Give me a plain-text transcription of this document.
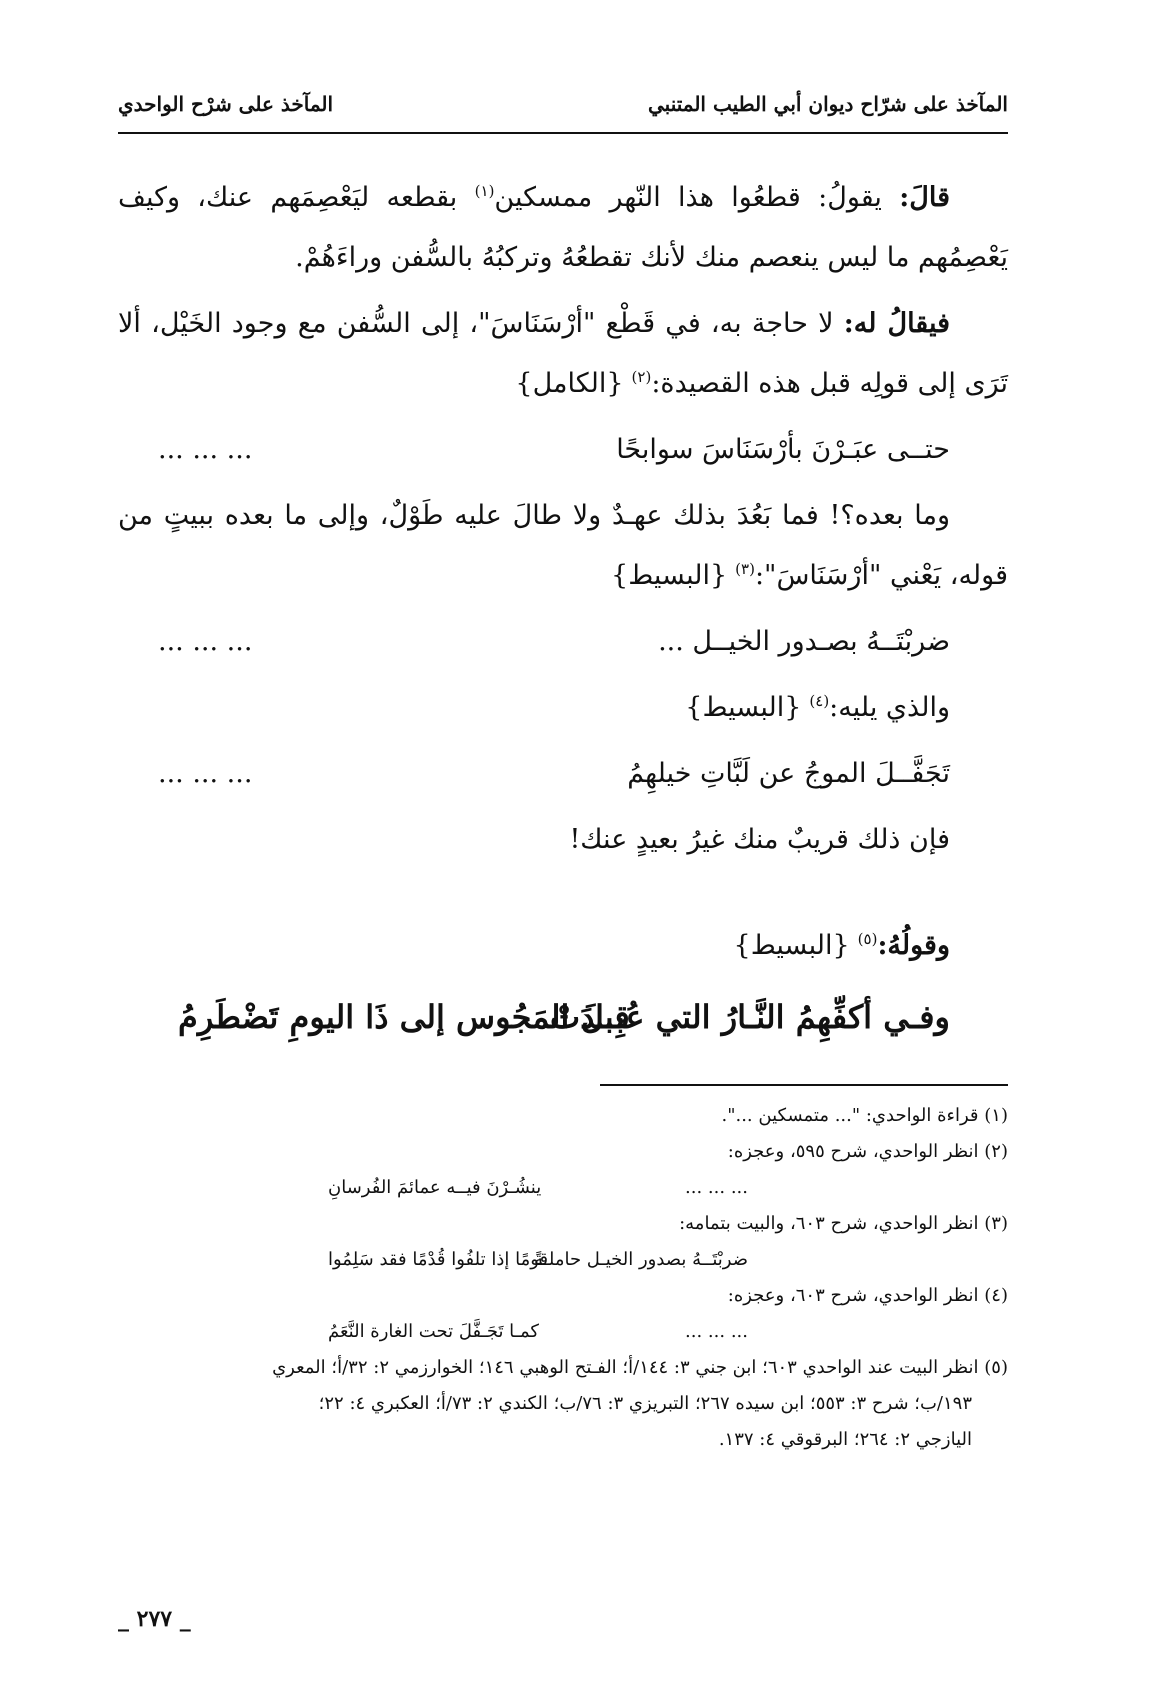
المآخذ على شرّاح ديوان أبي الطيب المتنبي
المآخذ على شرْح الواحدي

قالَ: يقولُ: قطعُوا هذا النّهر ممسكين$^{(١)}$ بقطعه ليَعْصِمَهم عنك، وكيف يَعْصِمُهم ما ليس ينعصم منك لأنك تقطعُهُ وتركبُهُ بالسُّفن وراءَهُمْ.

فيقالُ له: لا حاجة به، في قَطْع "أرْسَنَاسَ"، إلى السُّفن مع وجود الخَيْل، ألا تَرَى إلى قولِه قبل هذه القصيدة:$^{(٢)}${الكامل}

حتــى عبَـرْنَ بأرْسَنَاسَ سوابحًا
... ... ...

وما بعده؟! فما بَعُدَ بذلك عهـدٌ ولا طالَ عليه طَوْلٌ، وإلى ما بعده ببيتٍ من قوله، يَعْني "أرْسَنَاسَ":$^{(٣)}${البسيط}

ضربْتَــهُ بصـدور الخيــل ...
... ... ...

والذي يليه:$^{(٤)}${البسيط}

تَجَفَّــلَ الموجُ عن لَبَّاتِ خيلهِمُ
... ... ...

فإن ذلك قريبٌ منك غيرُ بعيدٍ عنك!

وقولُهُ:$^{(٥)}${البسيط}

وفـي أكفِّهِمُ النَّـارُ التي عُبِــدَتْ
قبلَ المَجُوس إلى ذَا اليومِ تَضْطَرِمُ

(١) قراءة الواحدي: "... متمسكين ...".

(٢) انظر الواحدي، شرح ٥٩٥، وعجزه:

... ... ...
ينشُـرْنَ فيــه عمائمَ الفُرسانِ

(٣) انظر الواحدي، شرح ٦٠٣، والبيت بتمامه:

ضربْتَــهُ بصدور الخيـل حاملـةً
قومًا إذا تلفُوا قُدْمًا فقد سَلِمُوا

(٤) انظر الواحدي، شرح ٦٠٣، وعجزه:

... ... ...
كمـا تَجَـفَّلَ تحت الغارة النَّعَمُ

(٥) انظر البيت عند الواحدي ٦٠٣؛ ابن جني ٣: ١٤٤/أ؛ الفـتح الوهبي ١٤٦؛ الخوارزمي ٢: ٣٢/أ؛ المعري

١٩٣/ب؛ شرح ٣: ٥٥٣؛ ابن سيده ٢٦٧؛ التبريزي ٣: ٧٦/ب؛ الكندي ٢: ٧٣/أ؛ العكبري ٤: ٢٢؛

اليازجي ٢: ٢٦٤؛ البرقوقي ٤: ١٣٧.

_ ٢٧٧ _
